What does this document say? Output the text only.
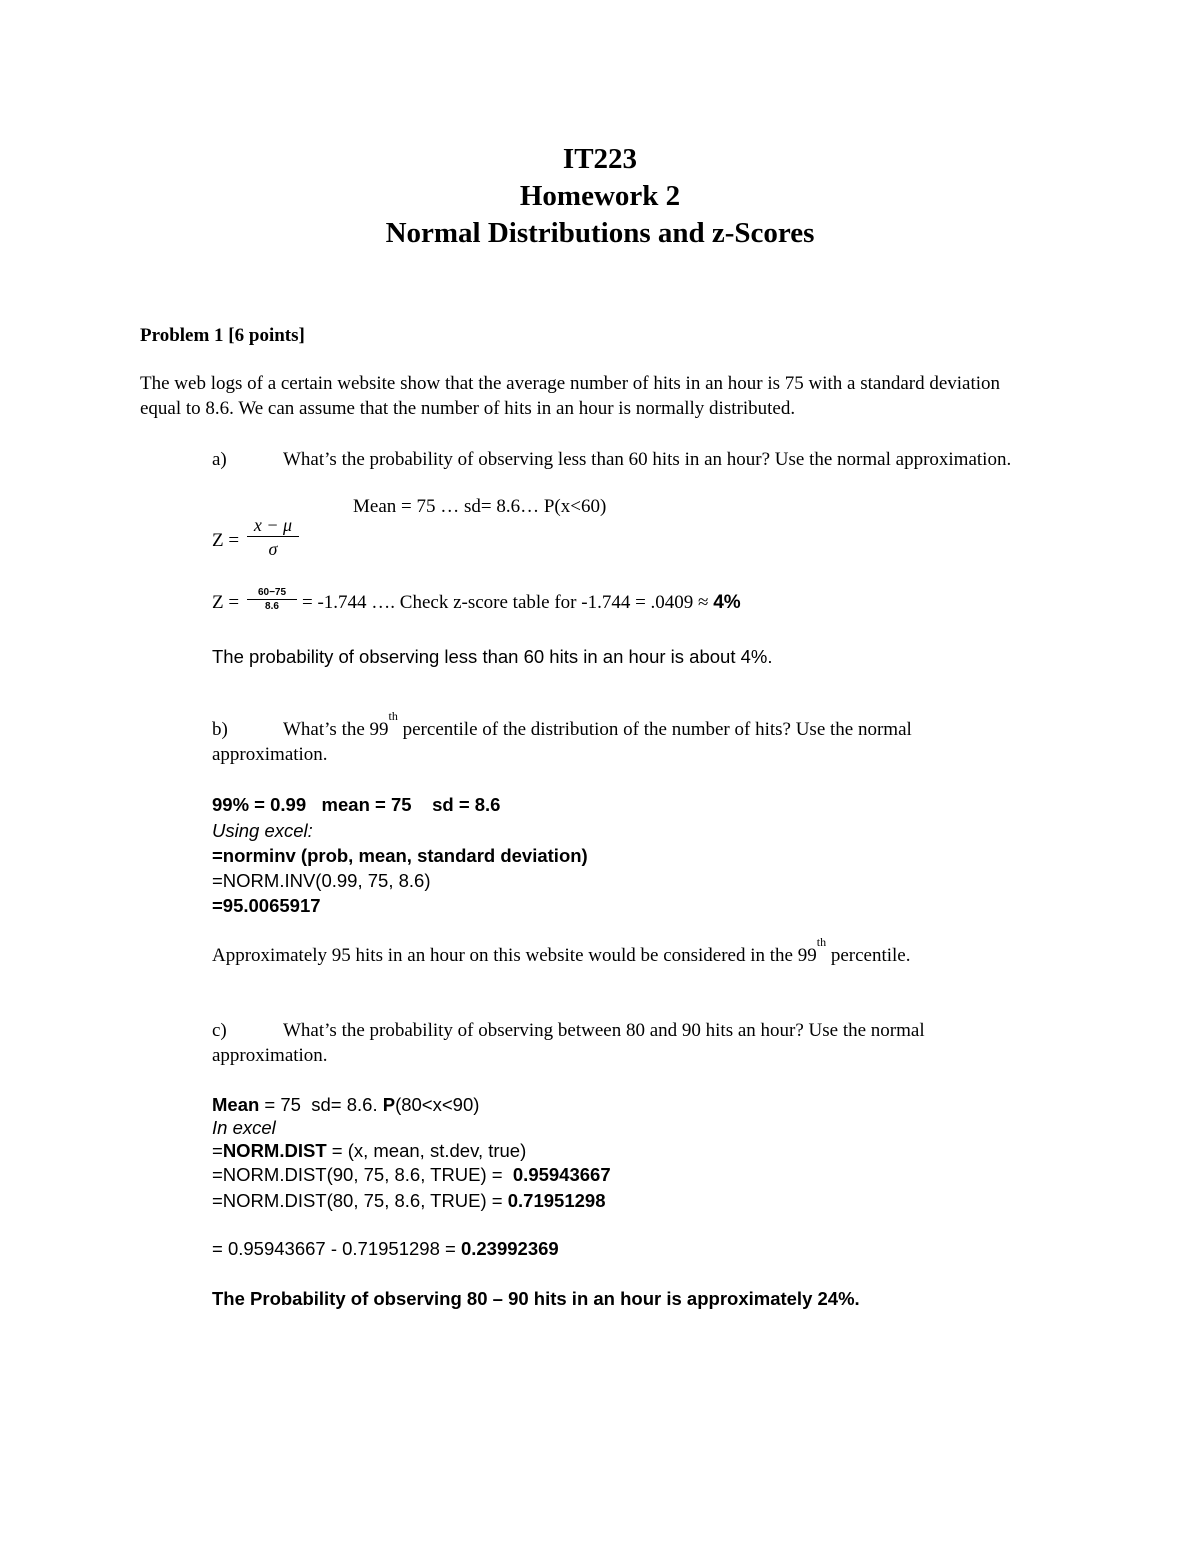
IT223
Homework 2
Normal Distributions and z-Scores
Problem 1 [6 points]
The web logs of a certain website show that the average number of hits in an hour is 75 with a standard deviation
equal to 8.6. We can assume that the number of hits in an hour is normally distributed.
a)	What’s the probability of observing less than 60 hits in an hour? Use the normal approximation.
Mean = 75 … sd= 8.6… P(x<60)
Z =
x − μ
σ
Z =	60−75
8.6	= -1.744 …. Check z-score table for -1.744 = .0409 ≈ 4%
The probability of observing less than 60 hits in an hour is about 4%.
b)	What’s the 99th percentile of the distribution of the number of hits? Use the normal
approximation.
99% = 0.99   mean = 75    sd = 8.6
Using excel:
=norminv (prob, mean, standard deviation)
=NORM.INV(0.99, 75, 8.6)
=95.0065917
Approximately 95 hits in an hour on this website would be considered in the 99th percentile.
c)	What’s the probability of observing between 80 and 90 hits an hour? Use the normal
approximation.
Mean = 75  sd= 8.6. P(80<x<90)
In excel
=NORM.DIST = (x, mean, st.dev, true)
=NORM.DIST(90, 75, 8.6, TRUE) =  0.95943667
=NORM.DIST(80, 75, 8.6, TRUE) = 0.71951298
= 0.95943667 - 0.71951298 = 0.23992369
The Probability of observing 80 – 90 hits in an hour is approximately 24%.
